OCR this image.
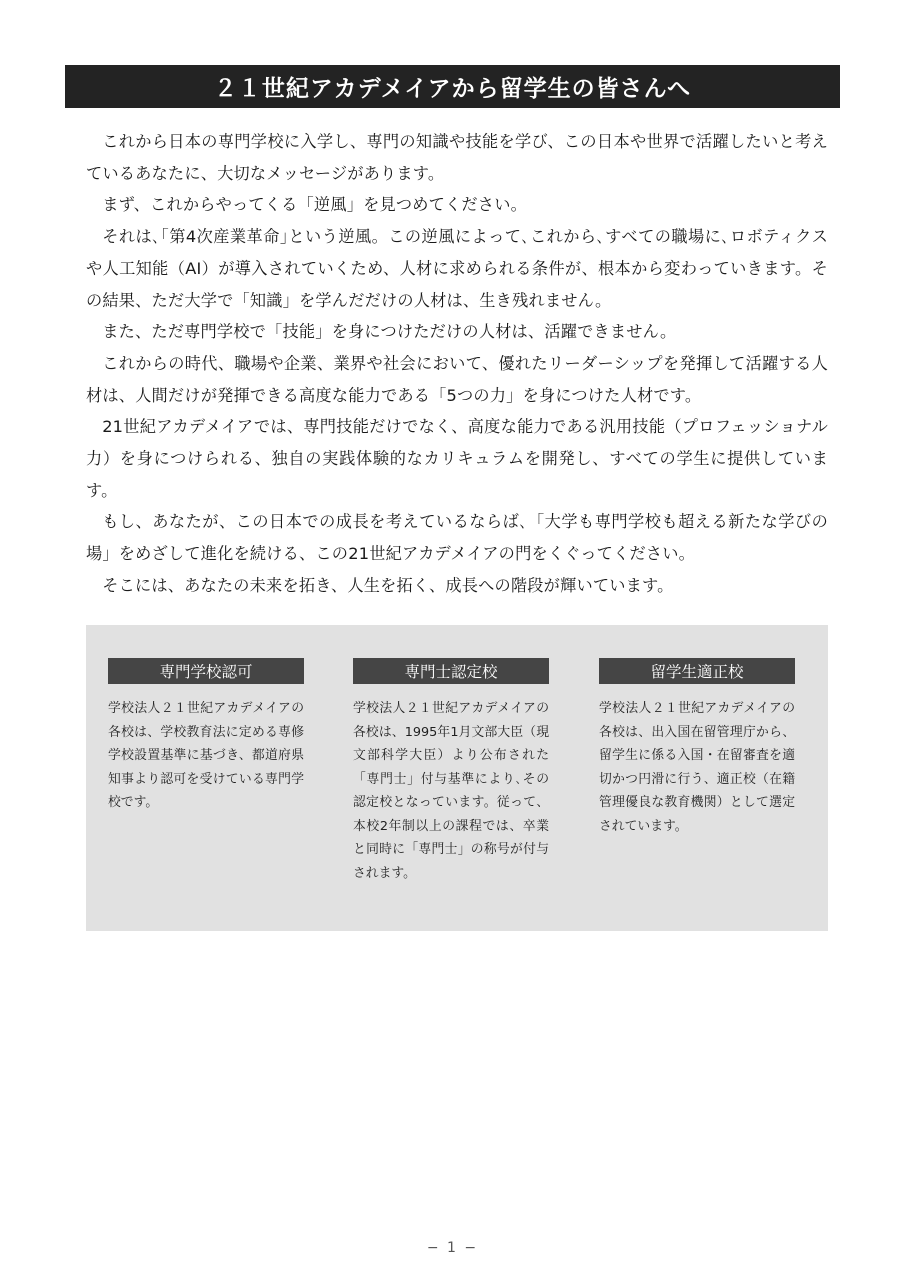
２１世紀アカデメイアから留学生の皆さんへ

これから日本の専門学校に入学し、専門の知識や技能を学び、この日本や世界で活躍したいと考えているあなたに、大切なメッセージがあります。

まず、これからやってくる「逆風」を見つめてください。

それは､｢第4次産業革命｣という逆風。この逆風によって､これから､すべての職場に､ロボティクスや人工知能（AI）が導入されていくため、人材に求められる条件が、根本から変わっていきます。その結果、ただ大学で「知識」を学んだだけの人材は、生き残れません。

また、ただ専門学校で「技能」を身につけただけの人材は、活躍できません。

これからの時代、職場や企業、業界や社会において、優れたリーダーシップを発揮して活躍する人材は、人間だけが発揮できる高度な能力である「5つの力」を身につけた人材です。

21世紀アカデメイアでは、専門技能だけでなく、高度な能力である汎用技能（プロフェッショナル力）を身につけられる、独自の実践体験的なカリキュラムを開発し、すべての学生に提供しています。

もし、あなたが、この日本での成長を考えているならば､「大学も専門学校も超える新たな学びの場」をめざして進化を続ける、この21世紀アカデメイアの門をくぐってください。

そこには、あなたの未来を拓き、人生を拓く、成長への階段が輝いています。

専門学校認可

学校法人２１世紀アカデメイアの各校は、学校教育法に定める専修学校設置基準に基づき、都道府県知事より認可を受けている専門学校です。

専門士認定校

学校法人２１世紀アカデメイアの各校は、1995年1月文部大臣（現文部科学大臣）より公布された「専門士」付与基準により､その認定校となっています。従って、本校2年制以上の課程では、卒業と同時に「専門士」の称号が付与されます。

留学生適正校

学校法人２１世紀アカデメイアの各校は、出入国在留管理庁から、留学生に係る入国・在留審査を適切かつ円滑に行う、適正校（在籍管理優良な教育機関）として選定されています。

− 1 −
